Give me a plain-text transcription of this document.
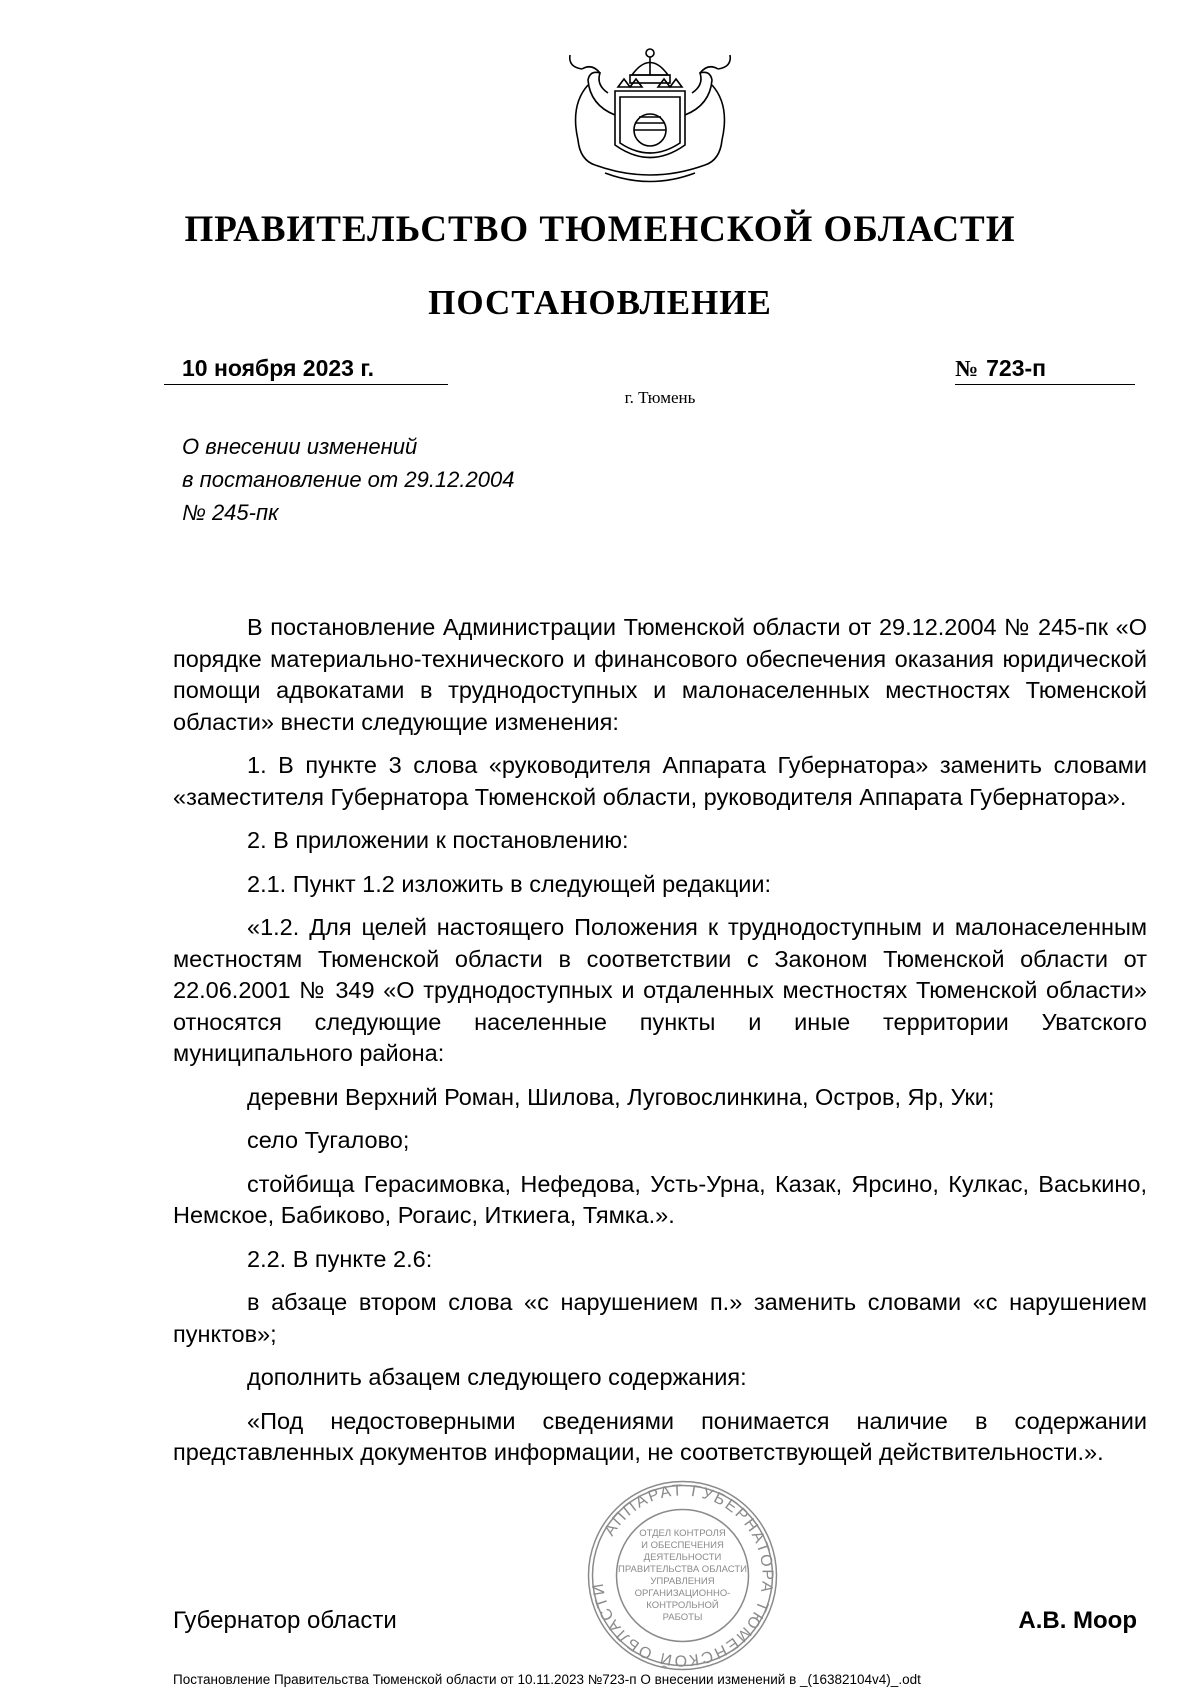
ПРАВИТЕЛЬСТВО ТЮМЕНСКОЙ ОБЛАСТИ
ПОСТАНОВЛЕНИЕ
10 ноября 2023 г.	№ 723-п
г. Тюмень
О внесении изменений
в постановление от 29.12.2004
№ 245-пк

В постановление Администрации Тюменской области от 29.12.2004 № 245-пк «О порядке материально-технического и финансового обеспечения оказания юридической помощи адвокатами в труднодоступных и малонаселенных местностях Тюменской области» внести следующие изменения:

1. В пункте 3 слова «руководителя Аппарата Губернатора» заменить словами «заместителя Губернатора Тюменской области, руководителя Аппарата Губернатора».

2. В приложении к постановлению:

2.1. Пункт 1.2 изложить в следующей редакции:

«1.2. Для целей настоящего Положения к труднодоступным и малонаселенным местностям Тюменской области в соответствии с Законом Тюменской области от 22.06.2001 № 349 «О труднодоступных и отдаленных местностях Тюменской области» относятся следующие населенные пункты и иные территории Уватского муниципального района:

деревни Верхний Роман, Шилова, Луговослинкина, Остров, Яр, Уки;

село Тугалово;

стойбища Герасимовка, Нефедова, Усть-Урна, Казак, Ярсино, Кулкас, Васькино, Немское, Бабиково, Рогаис, Иткиега, Тямка.».

2.2. В пункте 2.6:

в абзаце втором слова «с нарушением п.» заменить словами «с нарушением пунктов»;

дополнить абзацем следующего содержания:

«Под недостоверными сведениями понимается наличие в содержании представленных документов информации, не соответствующей действительности.».

АППАРАТ ГУБЕРНАТОРА ТЮМЕНСКОЙ ОБЛАСТИ
ОТДЕЛ КОНТРОЛЯ
И ОБЕСПЕЧЕНИЯ
ДЕЯТЕЛЬНОСТИ
ПРАВИТЕЛЬСТВА ОБЛАСТИ
УПРАВЛЕНИЯ
ОРГАНИЗАЦИОННО-
КОНТРОЛЬНОЙ
РАБОТЫ
Губернатор области	А.В. Моор
Постановление Правительства Тюменской области от 10.11.2023 №723-п О внесении изменений в _(16382104v4)_.odt
